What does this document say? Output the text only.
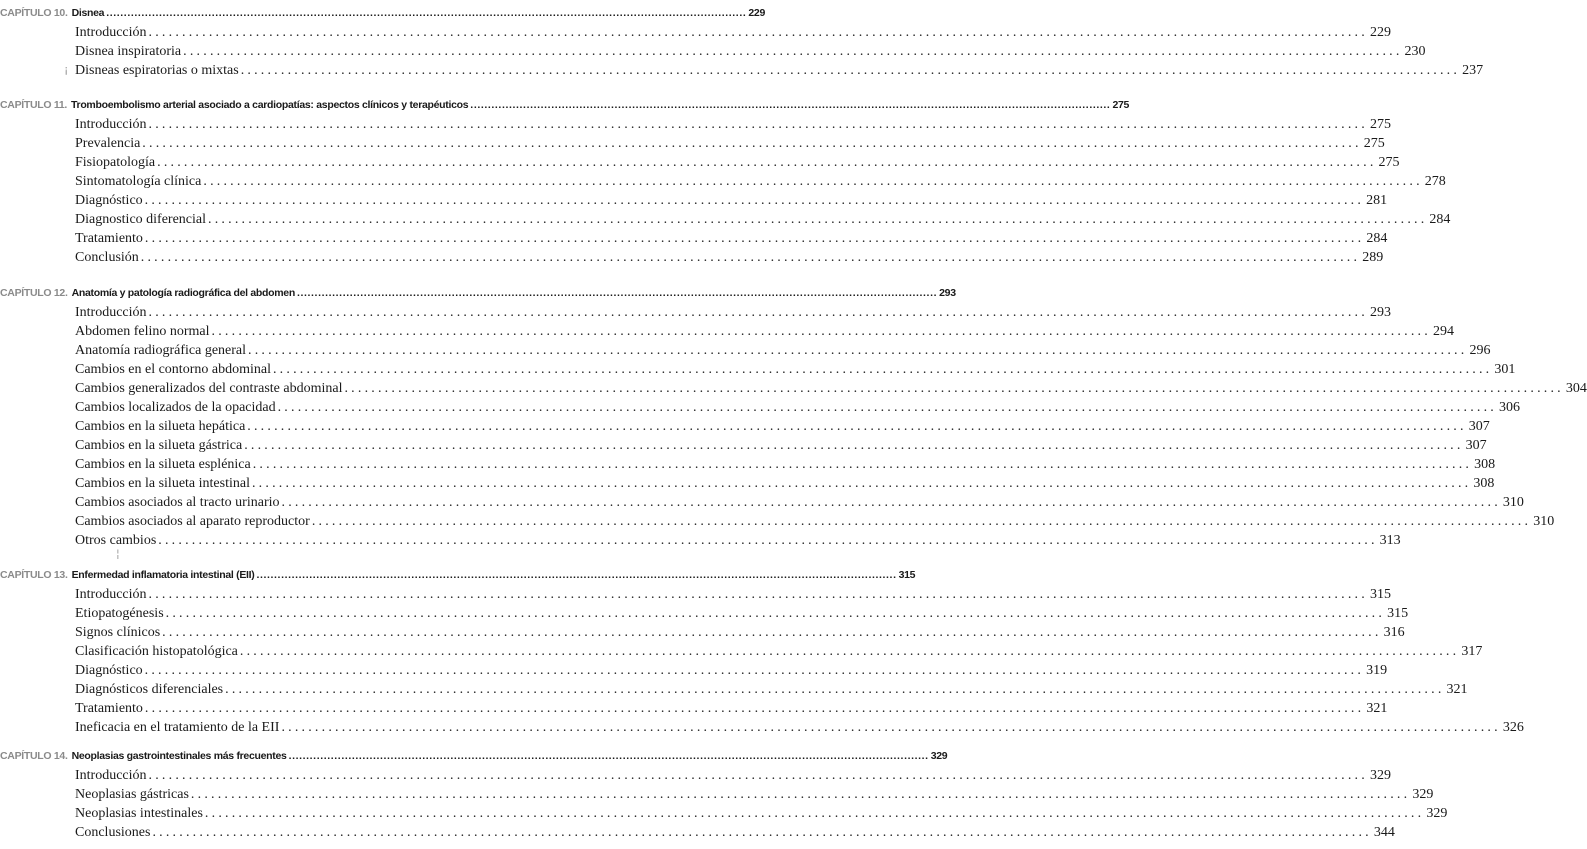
CAPÍTULO 10. Disnea .....	229
Introducción .....	229
Disnea inspiratoria .....	230
Disneas espiratorias o mixtas .....	237
CAPÍTULO 11. Tromboembolismo arterial asociado a cardiopatías: aspectos clínicos y terapéuticos .....	275
Introducción .....	275
Prevalencia .....	275
Fisiopatología .....	275
Sintomatología clínica .....	278
Diagnóstico .....	281
Diagnostico diferencial .....	284
Tratamiento .....	284
Conclusión .....	289
CAPÍTULO 12. Anatomía y patología radiográfica del abdomen .....	293
Introducción .....	293
Abdomen felino normal .....	294
Anatomía radiográfica general .....	296
Cambios en el contorno abdominal .....	301
Cambios generalizados del contraste abdominal .....	304
Cambios localizados de la opacidad .....	306
Cambios en la silueta hepática .....	307
Cambios en la silueta gástrica .....	307
Cambios en la silueta esplénica .....	308
Cambios en la silueta intestinal .....	308
Cambios asociados al tracto urinario .....	310
Cambios asociados al aparato reproductor .....	310
Otros cambios .....	313
CAPÍTULO 13. Enfermedad inflamatoria intestinal (EII) .....	315
Introducción .....	315
Etiopatogénesis .....	315
Signos clínicos .....	316
Clasificación histopatológica .....	317
Diagnóstico .....	319
Diagnósticos diferenciales .....	321
Tratamiento .....	321
Ineficacia en el tratamiento de la EII .....	326
CAPÍTULO 14. Neoplasias gastrointestinales más frecuentes .....	329
Introducción .....	329
Neoplasias gástricas .....	329
Neoplasias intestinales .....	329
Conclusiones .....	344
¡
¦
